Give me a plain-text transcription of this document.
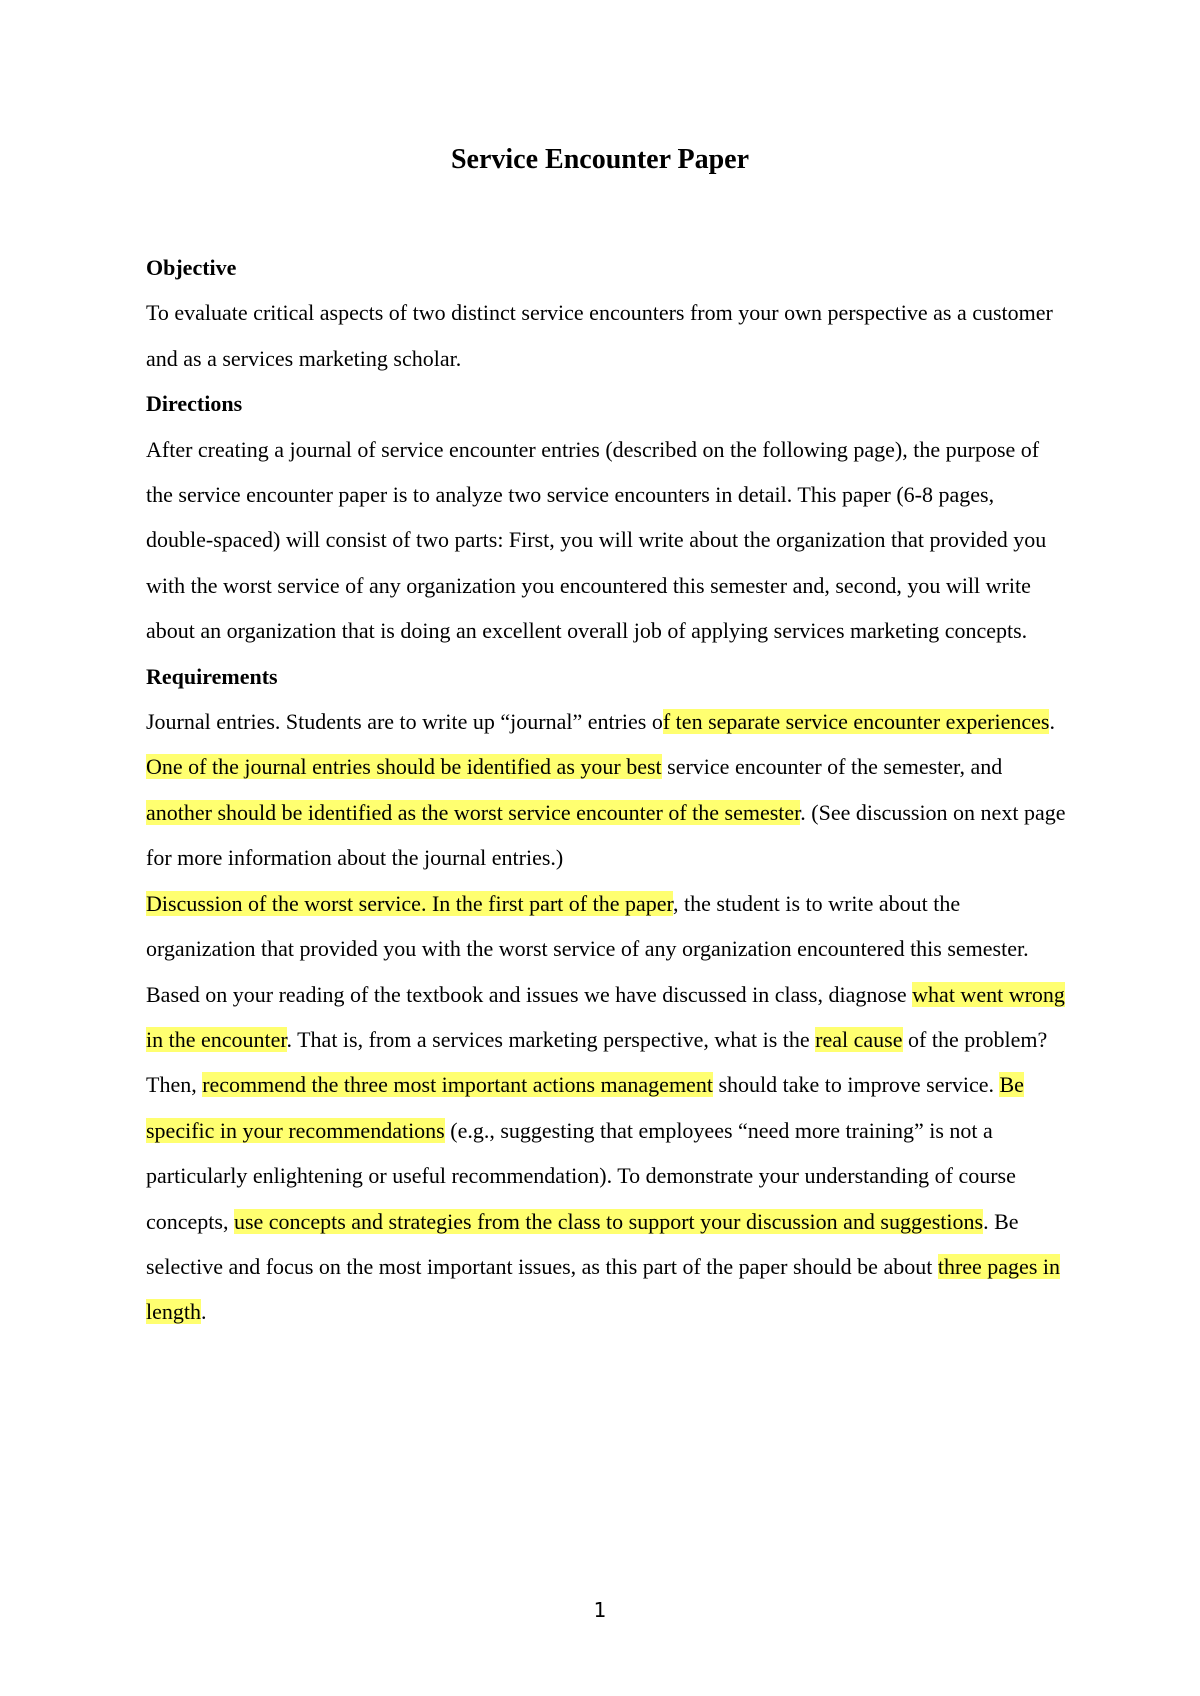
Service Encounter Paper

Objective

To evaluate critical aspects of two distinct service encounters from your own perspective as a customer and as a services marketing scholar.

Directions

After creating a journal of service encounter entries (described on the following page), the purpose of the service encounter paper is to analyze two service encounters in detail. This paper (6-8 pages, double-spaced) will consist of two parts: First, you will write about the organization that provided you with the worst service of any organization you encountered this semester and, second, you will write about an organization that is doing an excellent overall job of applying services marketing concepts.

Requirements

Journal entries. Students are to write up “journal” entries of ten separate service encounter experiences. One of the journal entries should be identified as your best service encounter of the semester, and another should be identified as the worst service encounter of the semester. (See discussion on next page for more information about the journal entries.)

Discussion of the worst service. In the first part of the paper, the student is to write about the organization that provided you with the worst service of any organization encountered this semester. Based on your reading of the textbook and issues we have discussed in class, diagnose what went wrong in the encounter. That is, from a services marketing perspective, what is the real cause of the problem? Then, recommend the three most important actions management should take to improve service. Be specific in your recommendations (e.g., suggesting that employees “need more training” is not a particularly enlightening or useful recommendation). To demonstrate your understanding of course concepts, use concepts and strategies from the class to support your discussion and suggestions. Be selective and focus on the most important issues, as this part of the paper should be about three pages in length.

1
